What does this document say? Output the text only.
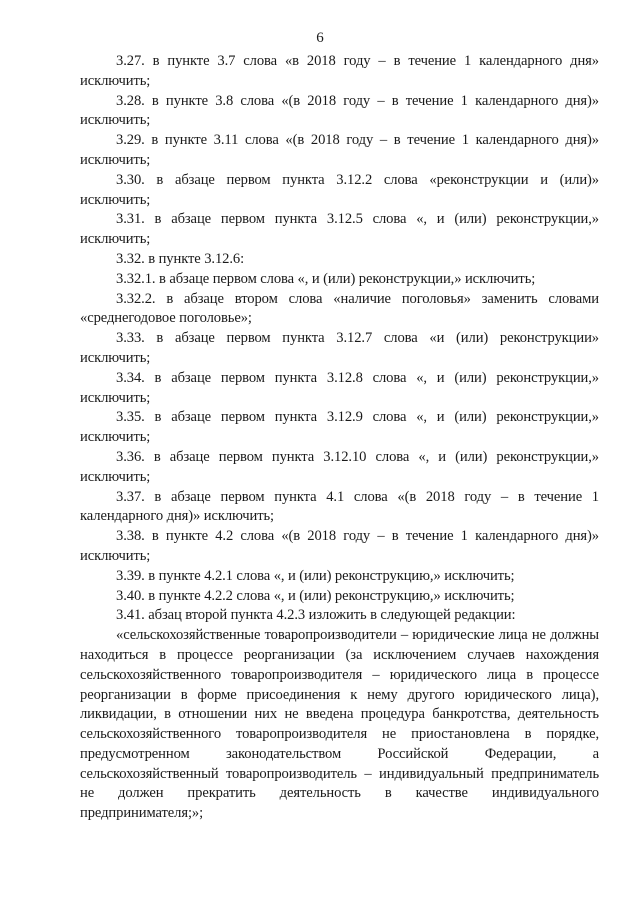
6

3.27. в пункте 3.7 слова «в 2018 году – в течение 1 календарного дня» исключить;

3.28. в пункте 3.8 слова «(в 2018 году – в течение 1 календарного дня)» исключить;

3.29. в пункте 3.11 слова «(в 2018 году – в течение 1 календарного дня)» исключить;

3.30. в абзаце первом пункта 3.12.2 слова «реконструкции и (или)» исключить;

3.31. в абзаце первом пункта 3.12.5 слова «, и (или) реконструкции,» исключить;

3.32. в пункте 3.12.6:

3.32.1. в абзаце первом слова «, и (или) реконструкции,» исключить;

3.32.2. в абзаце втором слова «наличие поголовья» заменить словами «среднегодовое поголовье»;

3.33. в абзаце первом пункта 3.12.7 слова «и (или) реконструкции» исключить;

3.34. в абзаце первом пункта 3.12.8 слова «, и (или) реконструкции,» исключить;

3.35. в абзаце первом пункта 3.12.9 слова «, и (или) реконструкции,» исключить;

3.36. в абзаце первом пункта 3.12.10 слова «, и (или) реконструкции,» исключить;

3.37. в абзаце первом пункта 4.1 слова «(в 2018 году – в течение 1 календарного дня)» исключить;

3.38. в пункте 4.2 слова «(в 2018 году – в течение 1 календарного дня)» исключить;

3.39. в пункте 4.2.1 слова «, и (или) реконструкцию,» исключить;

3.40. в пункте 4.2.2 слова «, и (или) реконструкцию,» исключить;

3.41. абзац второй пункта 4.2.3 изложить в следующей редакции:

«сельскохозяйственные товаропроизводители – юридические лица не должны находиться в процессе реорганизации (за исключением случаев нахождения сельскохозяйственного товаропроизводителя – юридического лица в процессе реорганизации в форме присоединения к нему другого юридического лица), ликвидации, в отношении них не введена процедура банкротства, деятельность сельскохозяйственного товаропроизводителя не приостановлена в порядке, предусмотренном законодательством Российской Федерации, а сельскохозяйственный товаропроизводитель – индивидуальный предприниматель не должен прекратить деятельность в качестве индивидуального предпринимателя;»;
